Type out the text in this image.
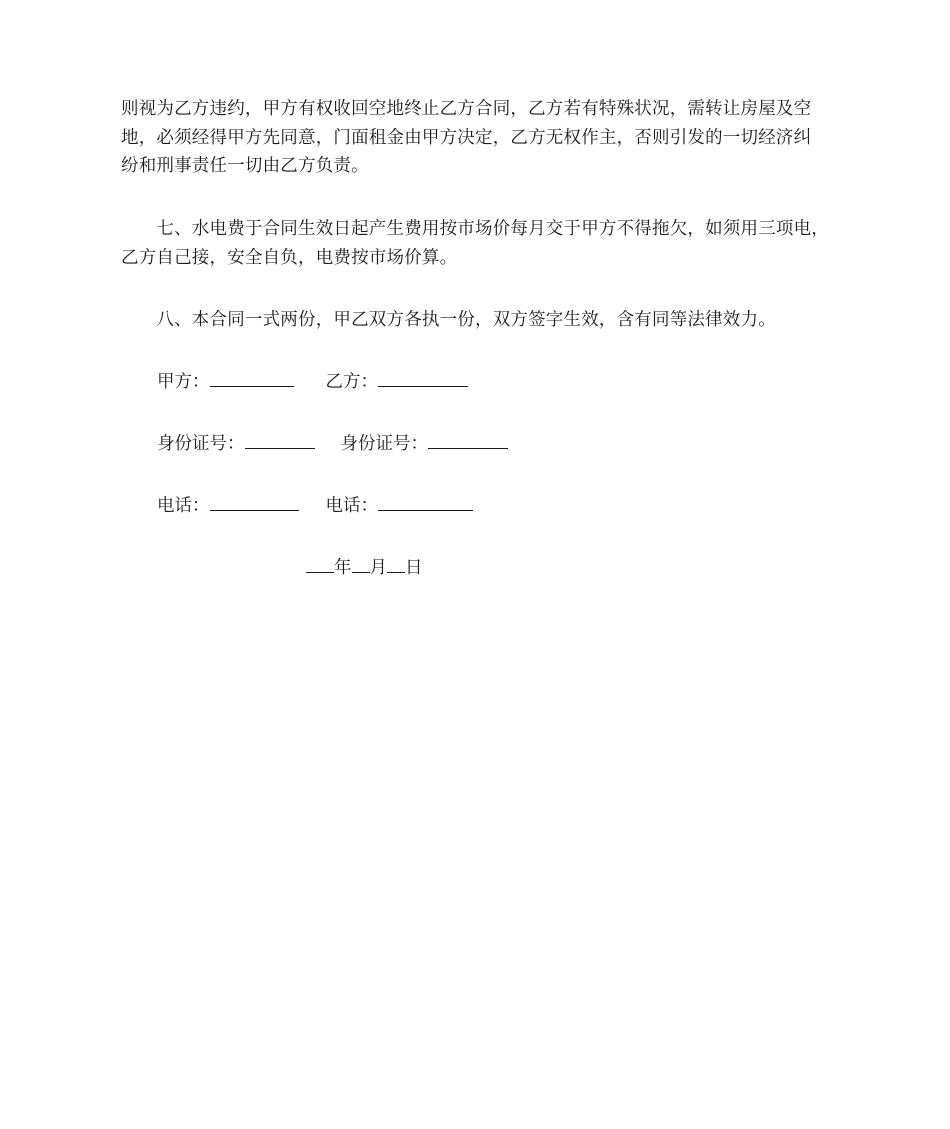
则视为乙方违约，甲方有权收回空地终止乙方合同，乙方若有特殊状况，需转让房屋及空
地，必须经得甲方先同意，门面租金由甲方决定，乙方无权作主，否则引发的一切经济纠
纷和刑事责任一切由乙方负责。
　　七、水电费于合同生效日起产生费用按市场价每月交于甲方不得拖欠，如须用三项电，
乙方自己接，安全自负，电费按市场价算。
　　八、本合同一式两份，甲乙双方各执一份，双方签字生效，含有同等法律效力。
甲方：	乙方：
身份证号：	身份证号：
电话：	电话：
年 月 日
